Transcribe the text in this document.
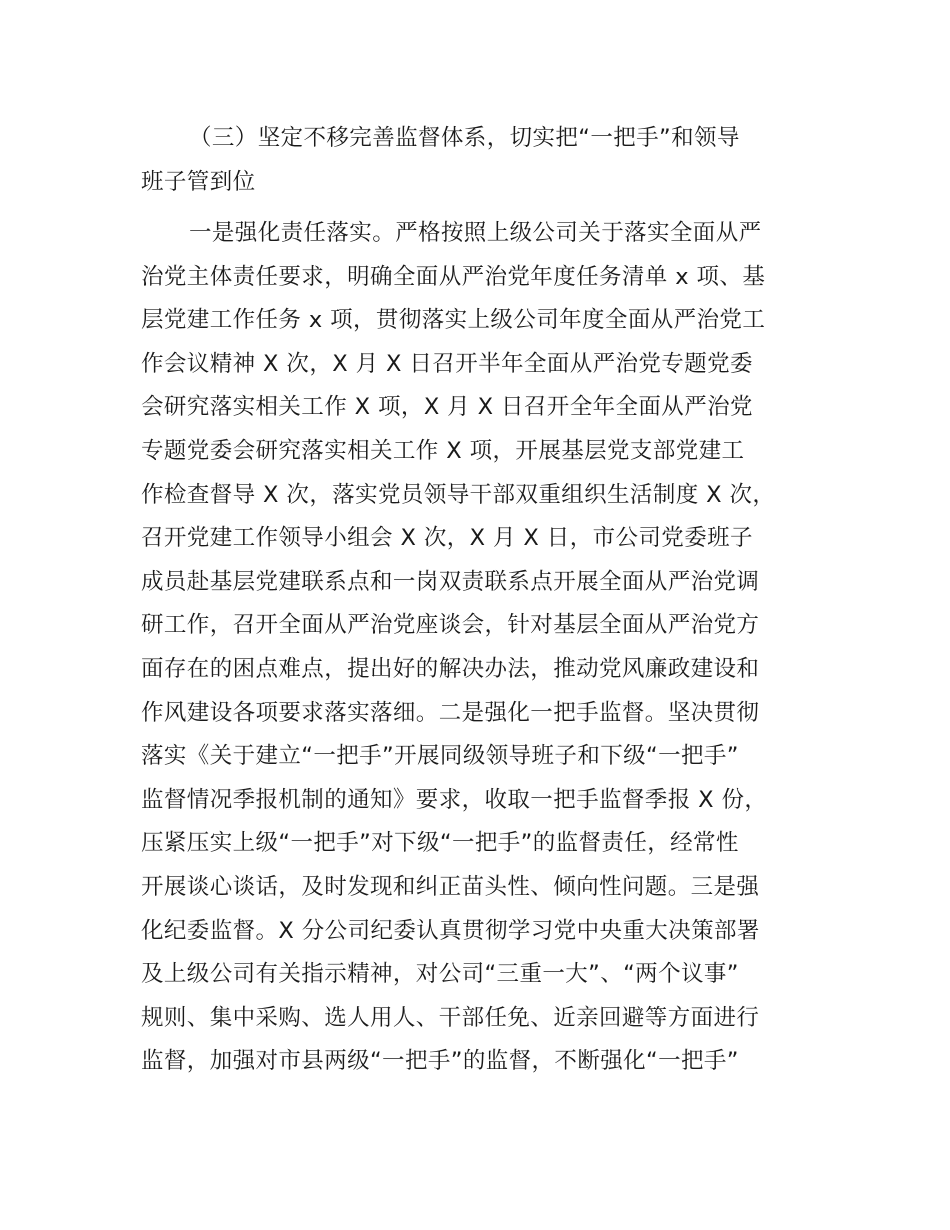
（三）坚定不移完善监督体系，切实把“一把手”和领导
班子管到位
一是强化责任落实。严格按照上级公司关于落实全面从严
治党主体责任要求，明确全面从严治党年度任务清单 x 项、基
层党建工作任务 x 项，贯彻落实上级公司年度全面从严治党工
作会议精神 X 次，X 月 X 日召开半年全面从严治党专题党委
会研究落实相关工作 X 项，X 月 X 日召开全年全面从严治党
专题党委会研究落实相关工作 X 项，开展基层党支部党建工
作检查督导 X 次，落实党员领导干部双重组织生活制度 X 次，
召开党建工作领导小组会 X 次，X 月 X 日，市公司党委班子
成员赴基层党建联系点和一岗双责联系点开展全面从严治党调
研工作，召开全面从严治党座谈会，针对基层全面从严治党方
面存在的困点难点，提出好的解决办法，推动党风廉政建设和
作风建设各项要求落实落细。二是强化一把手监督。坚决贯彻
落实《关于建立“一把手”开展同级领导班子和下级“一把手”
监督情况季报机制的通知》要求，收取一把手监督季报 X 份，
压紧压实上级“一把手”对下级“一把手”的监督责任，经常性
开展谈心谈话，及时发现和纠正苗头性、倾向性问题。三是强
化纪委监督。X 分公司纪委认真贯彻学习党中央重大决策部署
及上级公司有关指示精神，对公司“三重一大”、“两个议事”
规则、集中采购、选人用人、干部任免、近亲回避等方面进行
监督，加强对市县两级“一把手”的监督，不断强化“一把手”
